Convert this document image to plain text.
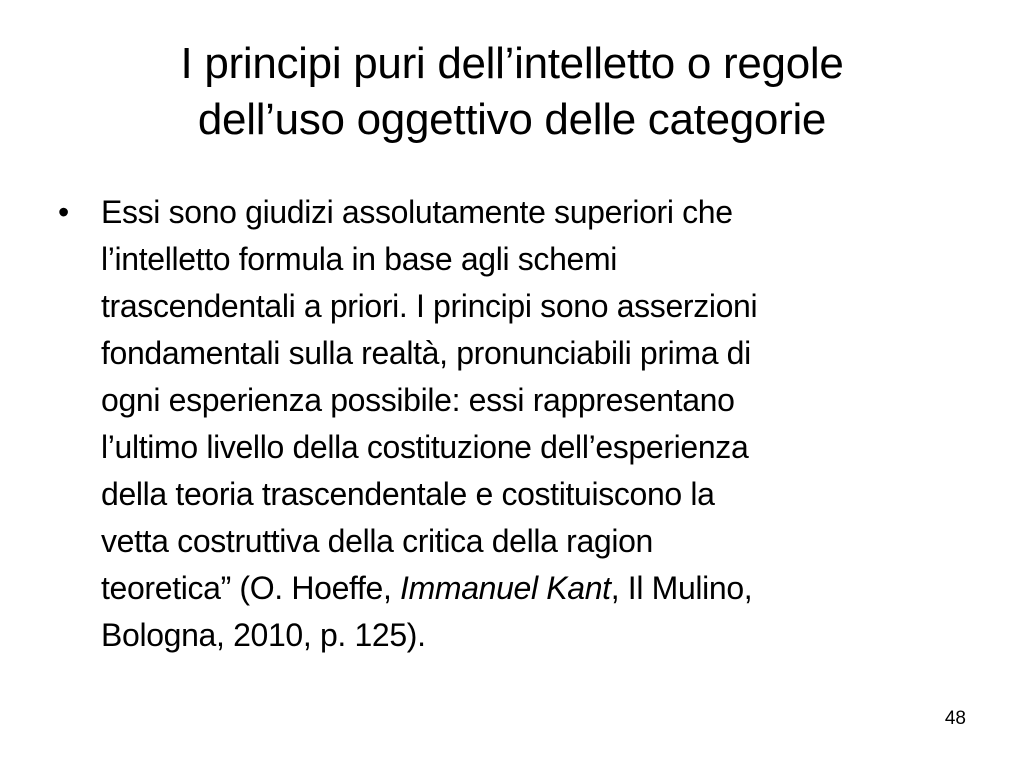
I principi puri dell’intelletto o regole
dell’uso oggettivo delle categorie
• Essi sono giudizi assolutamente superiori che
l’intelletto formula in base agli schemi
trascendentali a priori. I principi sono asserzioni
fondamentali sulla realtà, pronunciabili prima di
ogni esperienza possibile: essi rappresentano
l’ultimo livello della costituzione dell’esperienza
della teoria trascendentale e costituiscono la
vetta costruttiva della critica della ragion
teoretica” (O. Hoeffe, Immanuel Kant, Il Mulino,
Bologna, 2010, p. 125).

48
